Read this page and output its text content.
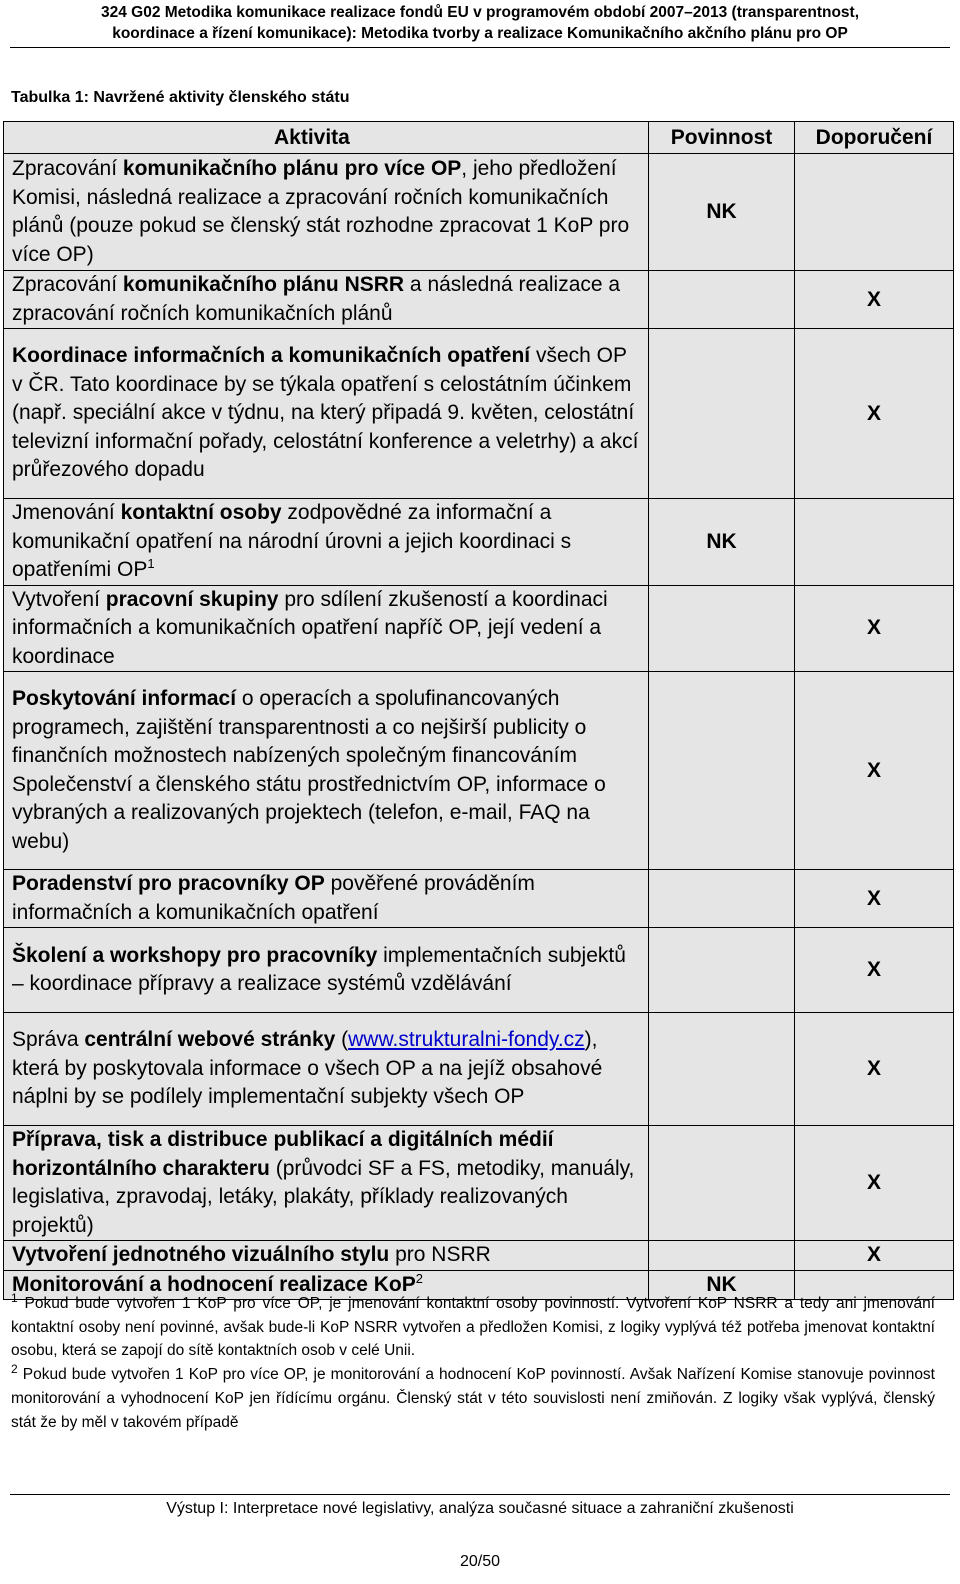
324 G02 Metodika komunikace realizace fondů EU v programovém období 2007–2013 (transparentnost,
koordinace a řízení komunikace): Metodika tvorby a realizace Komunikačního akčního plánu pro OP
Tabulka 1: Navržené aktivity členského státu
Aktivita	Povinnost	Doporučení
Zpracování komunikačního plánu pro více OP, jeho předložení Komisi, následná realizace a zpracování ročních komunikačních plánů (pouze pokud se členský stát rozhodne zpracovat 1 KoP pro více OP)	NK	
Zpracování komunikačního plánu NSRR a následná realizace a zpracování ročních komunikačních plánů		X
Koordinace informačních a komunikačních opatření všech OP v ČR. Tato koordinace by se týkala opatření s celostátním účinkem (např. speciální akce v týdnu, na který připadá 9. květen, celostátní televizní informační pořady, celostátní konference a veletrhy) a akcí průřezového dopadu		X
Jmenování kontaktní osoby zodpovědné za informační a komunikační opatření na národní úrovni a jejich koordinaci s opatřeními $OP^1$	NK	
Vytvoření pracovní skupiny pro sdílení zkušeností a koordinaci informačních a komunikačních opatření napříč OP, její vedení a koordinace		X
Poskytování informací o operacích a spolufinancovaných programech, zajištění transparentnosti a co nejširší publicity o finančních možnostech nabízených společným financováním Společenství a členského státu prostřednictvím OP, informace o vybraných a realizovaných projektech (telefon, e-mail, FAQ na webu)		X
Poradenství pro pracovníky OP pověřené prováděním informačních a komunikačních opatření		X
Školení a workshopy pro pracovníky implementačních subjektů – koordinace přípravy a realizace systémů vzdělávání		X
Správa centrální webové stránky (www.strukturalni-fondy.cz), která by poskytovala informace o všech OP a na jejíž obsahové náplni by se podílely implementační subjekty všech OP		X
Příprava, tisk a distribuce publikací a digitálních médií horizontálního charakteru (průvodci SF a FS, metodiky, manuály, legislativa, zpravodaj, letáky, plakáty, příklady realizovaných projektů)		X
Vytvoření jednotného vizuálního stylu pro NSRR		X
Monitorování a hodnocení realizace KoP$^2$	NK	

$^1$ Pokud bude vytvořen 1 KoP pro více OP, je jmenování kontaktní osoby povinností. Vytvoření KoP NSRR a tedy ani jmenování kontaktní osoby není povinné, avšak bude-li KoP NSRR vytvořen a předložen Komisi, z logiky vyplývá též potřeba jmenovat kontaktní osobu, která se zapojí do sítě kontaktních osob v celé Unii.

$^2$ Pokud bude vytvořen 1 KoP pro více OP, je monitorování a hodnocení KoP povinností. Avšak Nařízení Komise stanovuje povinnost monitorování a vyhodnocení KoP jen řídícímu orgánu. Členský stát v této souvislosti není zmiňován. Z logiky však vyplývá, členský stát že by měl v takovém případě

Výstup I: Interpretace nové legislativy, analýza současné situace a zahraniční zkušenosti
20/50
